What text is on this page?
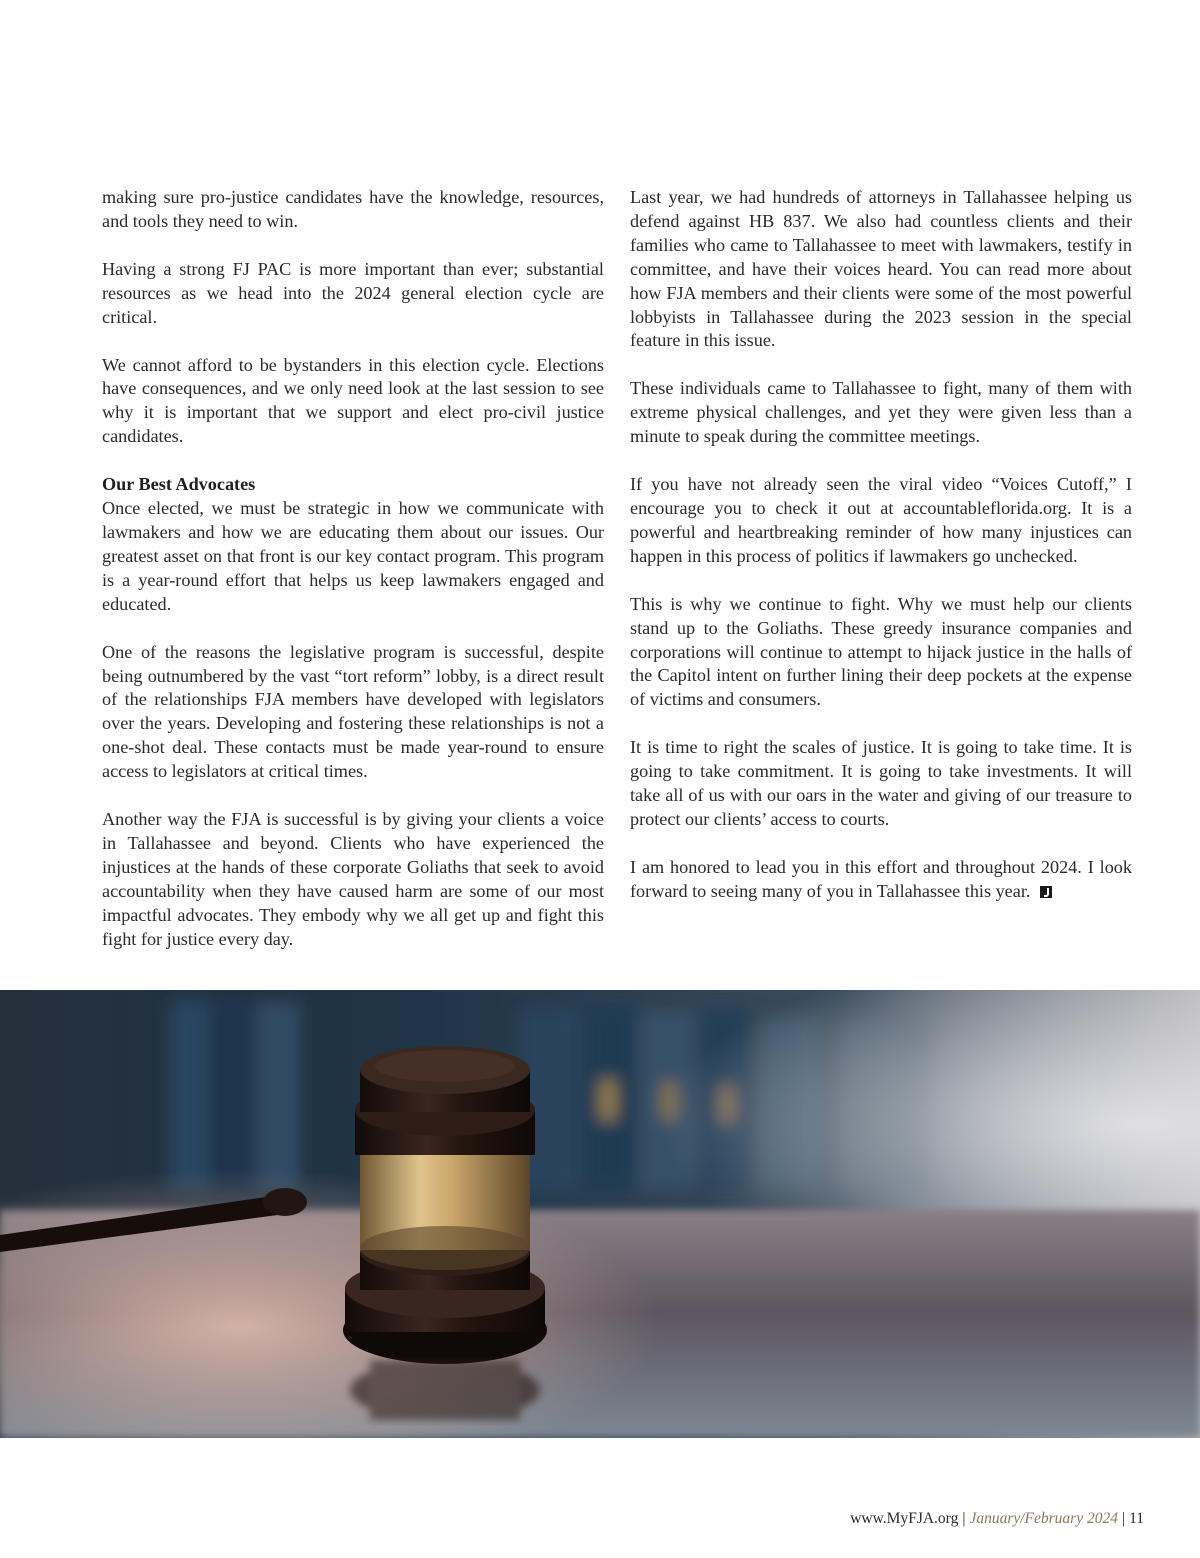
making sure pro-justice candidates have the knowledge, resources, and tools they need to win.

Having a strong FJ PAC is more important than ever; substantial resources as we head into the 2024 general election cycle are critical.

We cannot afford to be bystanders in this election cycle. Elections have consequences, and we only need look at the last session to see why it is important that we support and elect pro-civil justice candidates.

Our Best Advocates

Once elected, we must be strategic in how we communicate with lawmakers and how we are educating them about our issues. Our greatest asset on that front is our key contact program. This program is a year-round effort that helps us keep lawmakers engaged and educated.

One of the reasons the legislative program is successful, despite being outnumbered by the vast “tort reform” lobby, is a direct result of the relationships FJA members have developed with legislators over the years. Developing and fostering these relationships is not a one-shot deal. These contacts must be made year-round to ensure access to legislators at critical times.

Another way the FJA is successful is by giving your clients a voice in Tallahassee and beyond. Clients who have experienced the injustices at the hands of these corporate Goliaths that seek to avoid accountability when they have caused harm are some of our most impactful advocates. They embody why we all get up and fight this fight for justice every day.

Last year, we had hundreds of attorneys in Tallahassee helping us defend against HB 837. We also had countless clients and their families who came to Tallahassee to meet with lawmakers, testify in committee, and have their voices heard. You can read more about how FJA members and their clients were some of the most powerful lobbyists in Tallahassee during the 2023 session in the special feature in this issue.

These individuals came to Tallahassee to fight, many of them with extreme physical challenges, and yet they were given less than a minute to speak during the committee meetings.

If you have not already seen the viral video “Voices Cutoff,” I encourage you to check it out at accountableflorida.org. It is a powerful and heartbreaking reminder of how many injustices can happen in this process of politics if lawmakers go unchecked.

This is why we continue to fight. Why we must help our clients stand up to the Goliaths. These greedy insurance companies and corporations will continue to attempt to hijack justice in the halls of the Capitol intent on further lining their deep pockets at the expense of victims and consumers.

It is time to right the scales of justice. It is going to take time. It is going to take commitment. It is going to take investments. It will take all of us with our oars in the water and giving of our treasure to protect our clients’ access to courts.

I am honored to lead you in this effort and throughout 2024. I look forward to seeing many of you in Tallahassee this year.

www.MyFJA.org | January/February 2024 | 11
